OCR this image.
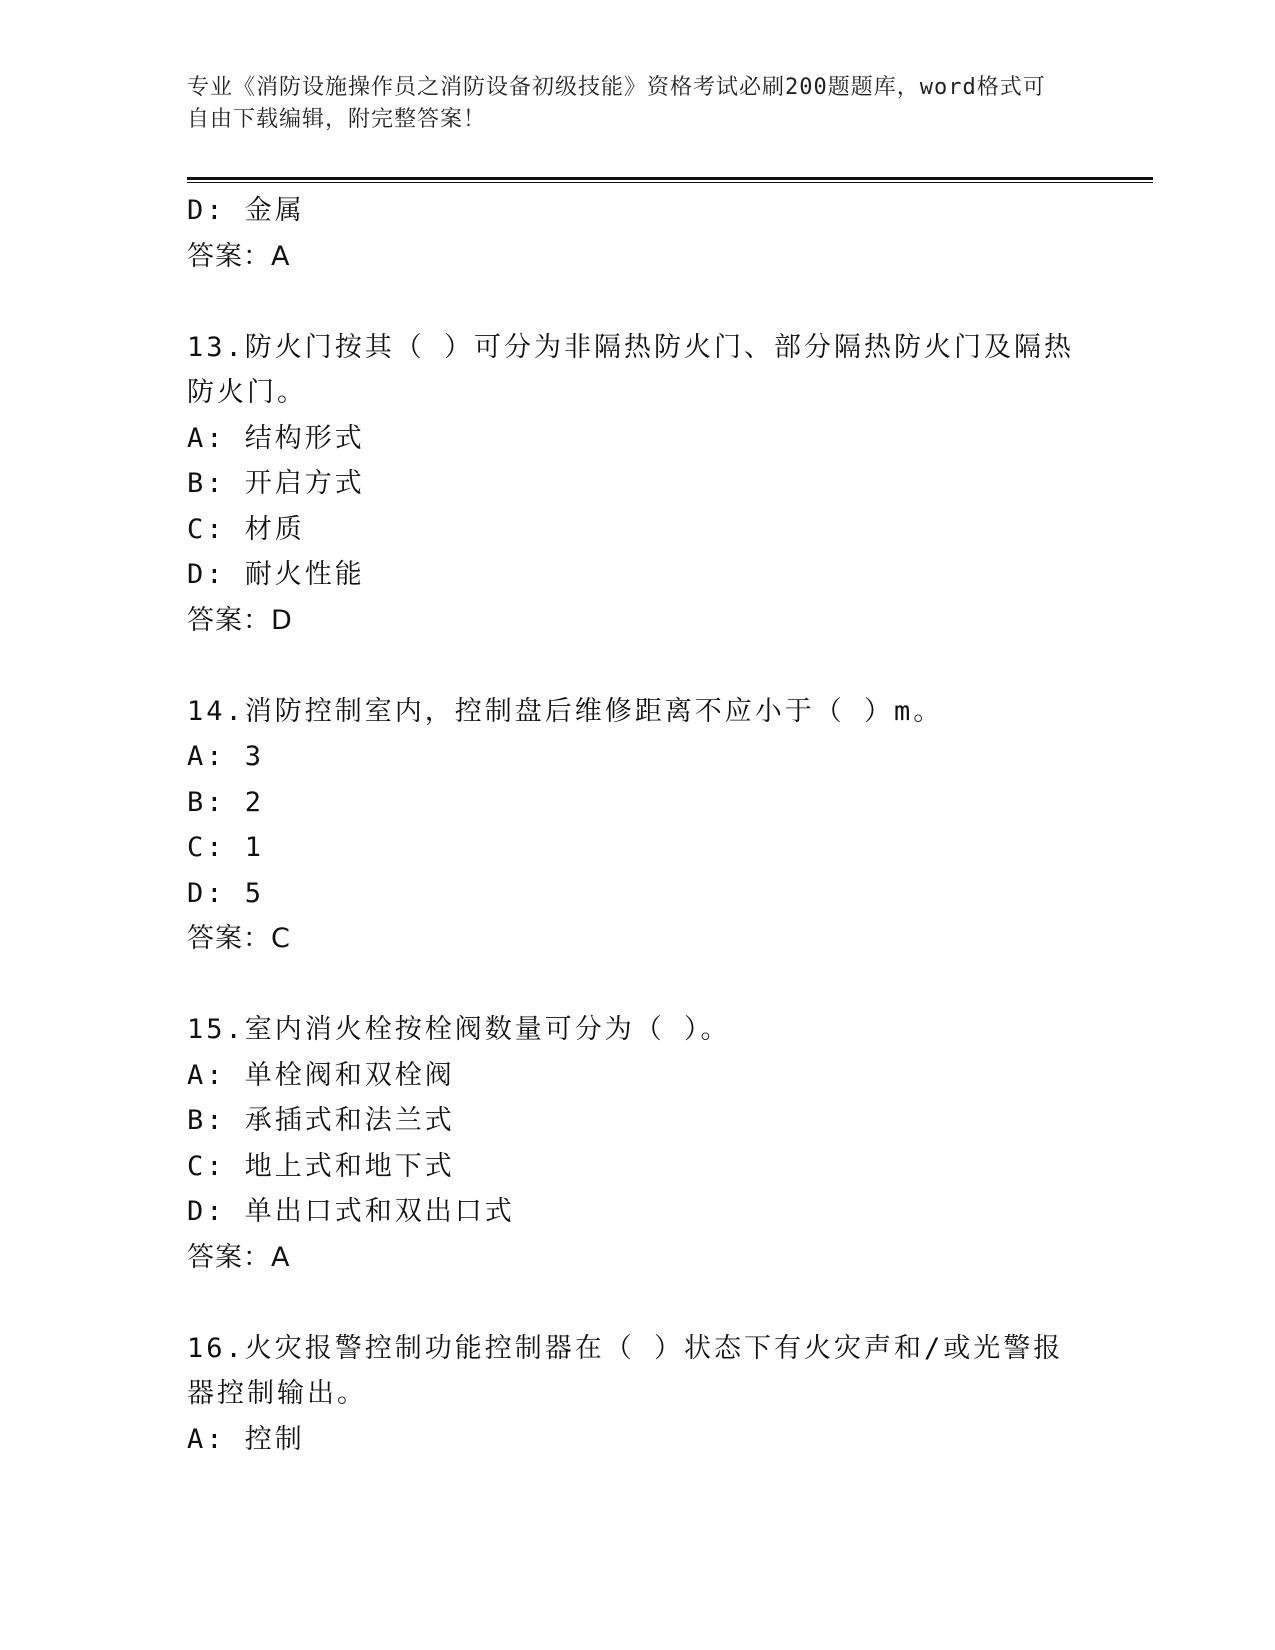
专业《消防设施操作员之消防设备初级技能》资格考试必刷200题题库，word格式可自由下载编辑，附完整答案！
D: 金属
答案：A
13.防火门按其（ ）可分为非隔热防火门、部分隔热防火门及隔热防火门。
A: 结构形式
B: 开启方式
C: 材质
D: 耐火性能
答案：D
14.消防控制室内，控制盘后维修距离不应小于（ ）m。
A: 3
B: 2
C: 1
D: 5
答案：C
15.室内消火栓按栓阀数量可分为（ ）。
A: 单栓阀和双栓阀
B: 承插式和法兰式
C: 地上式和地下式
D: 单出口式和双出口式
答案：A
16.火灾报警控制功能控制器在（ ）状态下有火灾声和/或光警报器控制输出。
A: 控制
